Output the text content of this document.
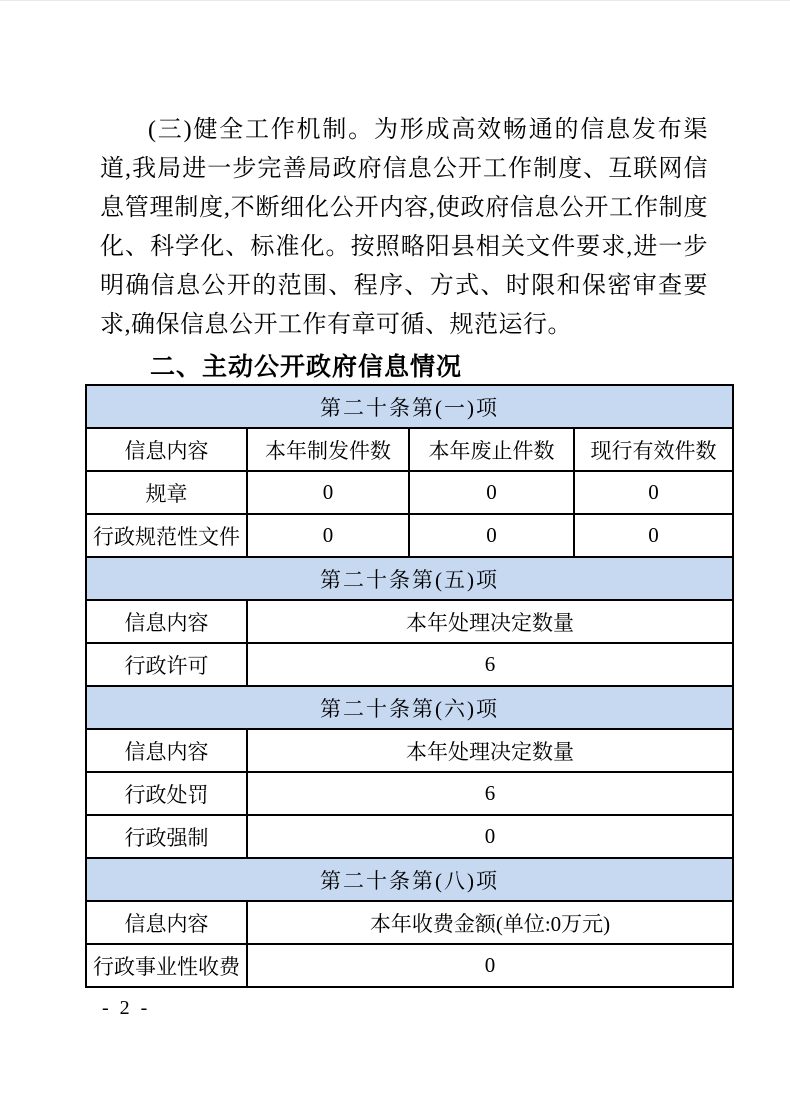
(三)健全工作机制。为形成高效畅通的信息发布渠道,我局进一步完善局政府信息公开工作制度、互联网信息管理制度,不断细化公开内容,使政府信息公开工作制度化、科学化、标准化。按照略阳县相关文件要求,进一步明确信息公开的范围、程序、方式、时限和保密审查要求,确保信息公开工作有章可循、规范运行。
二、主动公开政府信息情况
第二十条第(一)项			
信息内容	本年制发件数	本年废止件数	现行有效件数
规章	0	0	0
行政规范性文件	0	0	0
第二十条第(五)项			
信息内容	本年处理决定数量		
行政许可	6		
第二十条第(六)项			
信息内容	本年处理决定数量		
行政处罚	6		
行政强制	0		
第二十条第(八)项			
信息内容	本年收费金额(单位:0万元)		
行政事业性收费	0		
- 2 -
